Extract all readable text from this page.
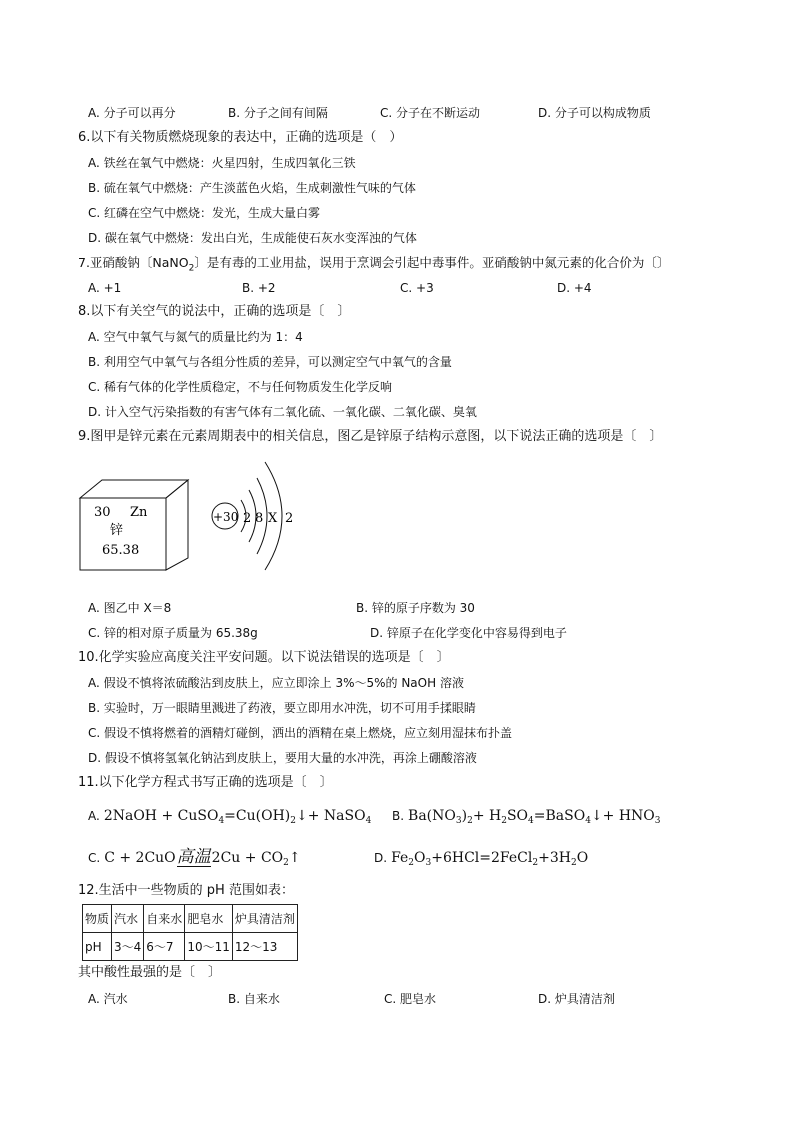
A. 分子可以再分	B. 分子之间有间隔	C. 分子在不断运动	D. 分子可以构成物质
6.以下有关物质燃烧现象的表达中，正确的选项是（　）
A. 铁丝在氧气中燃烧：火星四射，生成四氧化三铁
B. 硫在氧气中燃烧：产生淡蓝色火焰，生成刺激性气味的气体
C. 红磷在空气中燃烧：发光，生成大量白雾
D. 碳在氧气中燃烧：发出白光，生成能使石灰水变浑浊的气体
7.亚硝酸钠〔NaNO$_2$〕是有毒的工业用盐，误用于烹调会引起中毒事件。亚硝酸钠中氮元素的化合价为〔〕
A. +1	B. +2	C. +3	D. +4
8.以下有关空气的说法中，正确的选项是〔　〕
A. 空气中氧气与氮气的质量比约为 1：4
B. 利用空气中氧气与各组分性质的差异，可以测定空气中氧气的含量
C. 稀有气体的化学性质稳定，不与任何物质发生化学反响
D. 计入空气污染指数的有害气体有二氧化硫、一氧化碳、二氧化碳、臭氧
9.图甲是锌元素在元素周期表中的相关信息，图乙是锌原子结构示意图，以下说法正确的选项是〔　〕
30 Zn
锌
65.38
+30 2 8 X 2
A. 图乙中 X＝8	B. 锌的原子序数为 30
C. 锌的相对原子质量为 65.38g	D. 锌原子在化学变化中容易得到电子
10.化学实验应高度关注平安问题。以下说法错误的选项是〔　〕
A. 假设不慎将浓硫酸沾到皮肤上，应立即涂上 3%～5%的 NaOH 溶液
B. 实验时，万一眼睛里溅进了药液，要立即用水冲洗，切不可用手揉眼睛
C. 假设不慎将燃着的酒精灯碰倒，洒出的酒精在桌上燃烧，应立刻用湿抹布扑盖
D. 假设不慎将氢氧化钠沾到皮肤上，要用大量的水冲洗，再涂上硼酸溶液
11.以下化学方程式书写正确的选项是〔　〕
A. 2NaOH + $CuSO_4=Cu(OH)_2↓+$ NaSO$_4$ B. $Ba(NO_3)_2+$ $H_2SO_4=BaSO_4↓+ HNO_3$
C. C + 2CuO高温$2Cu + CO_2↑$	D. $Fe_2O_3+6HCl=2FeCl_2+3H_2O$
12.生活中一些物质的 pH 范围如表：
物质	汽水	自来水	肥皂水	炉具清洁剂
pH	3～4	6～7	10～11	12～13
其中酸性最强的是〔　〕
A. 汽水	B. 自来水	C. 肥皂水	D. 炉具清洁剂
